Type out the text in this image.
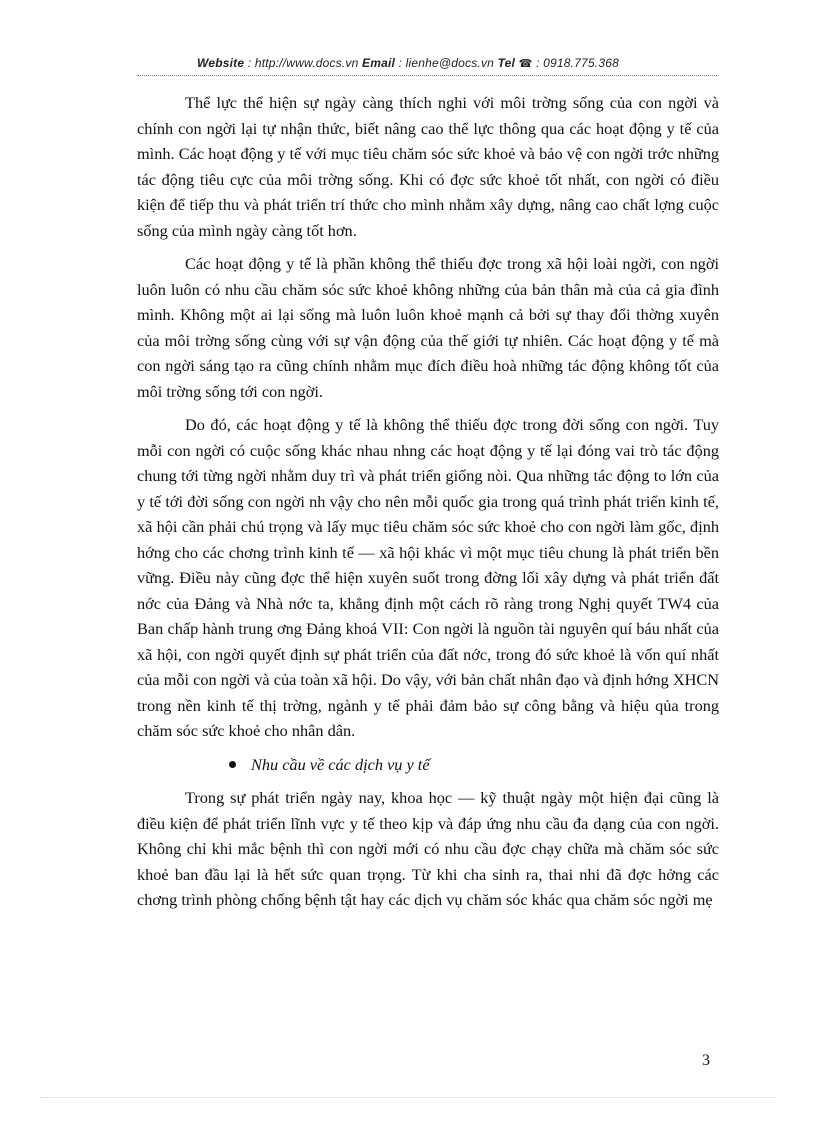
Website : http://www.docs.vn Email : lienhe@docs.vn Tel ☎ : 0918.775.368

Thể lực thể hiện sự ngày càng thích nghi với môi trờng sống của con ngời và chính con ngời lại tự nhận thức, biết nâng cao thể lực thông qua các hoạt động y tế của mình. Các hoạt động y tế với mục tiêu chăm sóc sức khoẻ và bảo vệ con ngời trớc những tác động tiêu cực của môi trờng sống. Khi có đợc sức khoẻ tốt nhất, con ngời có điều kiện để tiếp thu và phát triển trí thức cho mình nhằm xây dựng, nâng cao chất lợng cuộc sống của mình ngày càng tốt hơn.

Các hoạt động y tế là phần không thể thiếu đợc trong xã hội loài ngời, con ngời luôn luôn có nhu cầu chăm sóc sức khoẻ không những của bản thân mà của cả gia đình mình. Không một ai lại sống mà luôn luôn khoẻ mạnh cả bởi sự thay đổi thờng xuyên của môi trờng sống cùng với sự vận động của thế giới tự nhiên. Các hoạt động y tế mà con ngời sáng tạo ra cũng chính nhằm mục đích điều hoà những tác động không tốt của môi trờng sống tới con ngời.

Do đó, các hoạt động y tế là không thể thiếu đợc trong đời sống con ngời. Tuy mỗi con ngời có cuộc sống khác nhau nhng các hoạt động y tế lại đóng vai trò tác động chung tới từng ngời nhằm duy trì và phát triển giống nòi. Qua những tác động to lớn của y tế tới đời sống con ngời nh vậy cho nên mỗi quốc gia trong quá trình phát triển kinh tế, xã hội cần phải chú trọng và lấy mục tiêu chăm sóc sức khoẻ cho con ngời làm gốc, định hớng cho các chơng trình kinh tế — xã hội khác vì một mục tiêu chung là phát triển bền vững. Điều này cũng đợc thể hiện xuyên suốt trong đờng lối xây dựng và phát triển đất nớc của Đảng và Nhà nớc ta, khẳng định một cách rõ ràng trong Nghị quyết TW4 của Ban chấp hành trung ơng Đảng khoá VII: Con ngời là nguồn tài nguyên quí báu nhất của xã hội, con ngời quyết định sự phát triển của đất nớc, trong đó sức khoẻ là vốn quí nhất của mỗi con ngời và của toàn xã hội. Do vậy, với bản chất nhân đạo và định hớng XHCN trong nền kinh tế thị trờng, ngành y tế phải đảm bảo sự công bằng và hiệu qủa trong chăm sóc sức khoẻ cho nhân dân.

Nhu cầu về các dịch vụ y tế

Trong sự phát triển ngày nay, khoa học — kỹ thuật ngày một hiện đại cũng là điều kiện để phát triển lĩnh vực y tế theo kịp và đáp ứng nhu cầu đa dạng của con ngời. Không chỉ khi mắc bệnh thì con ngời mới có nhu cầu đợc chạy chữa mà chăm sóc sức khoẻ ban đầu lại là hết sức quan trọng. Từ khi cha sinh ra, thai nhi đã đợc hởng các chơng trình phòng chống bệnh tật hay các dịch vụ chăm sóc khác qua chăm sóc ngời mẹ

3
